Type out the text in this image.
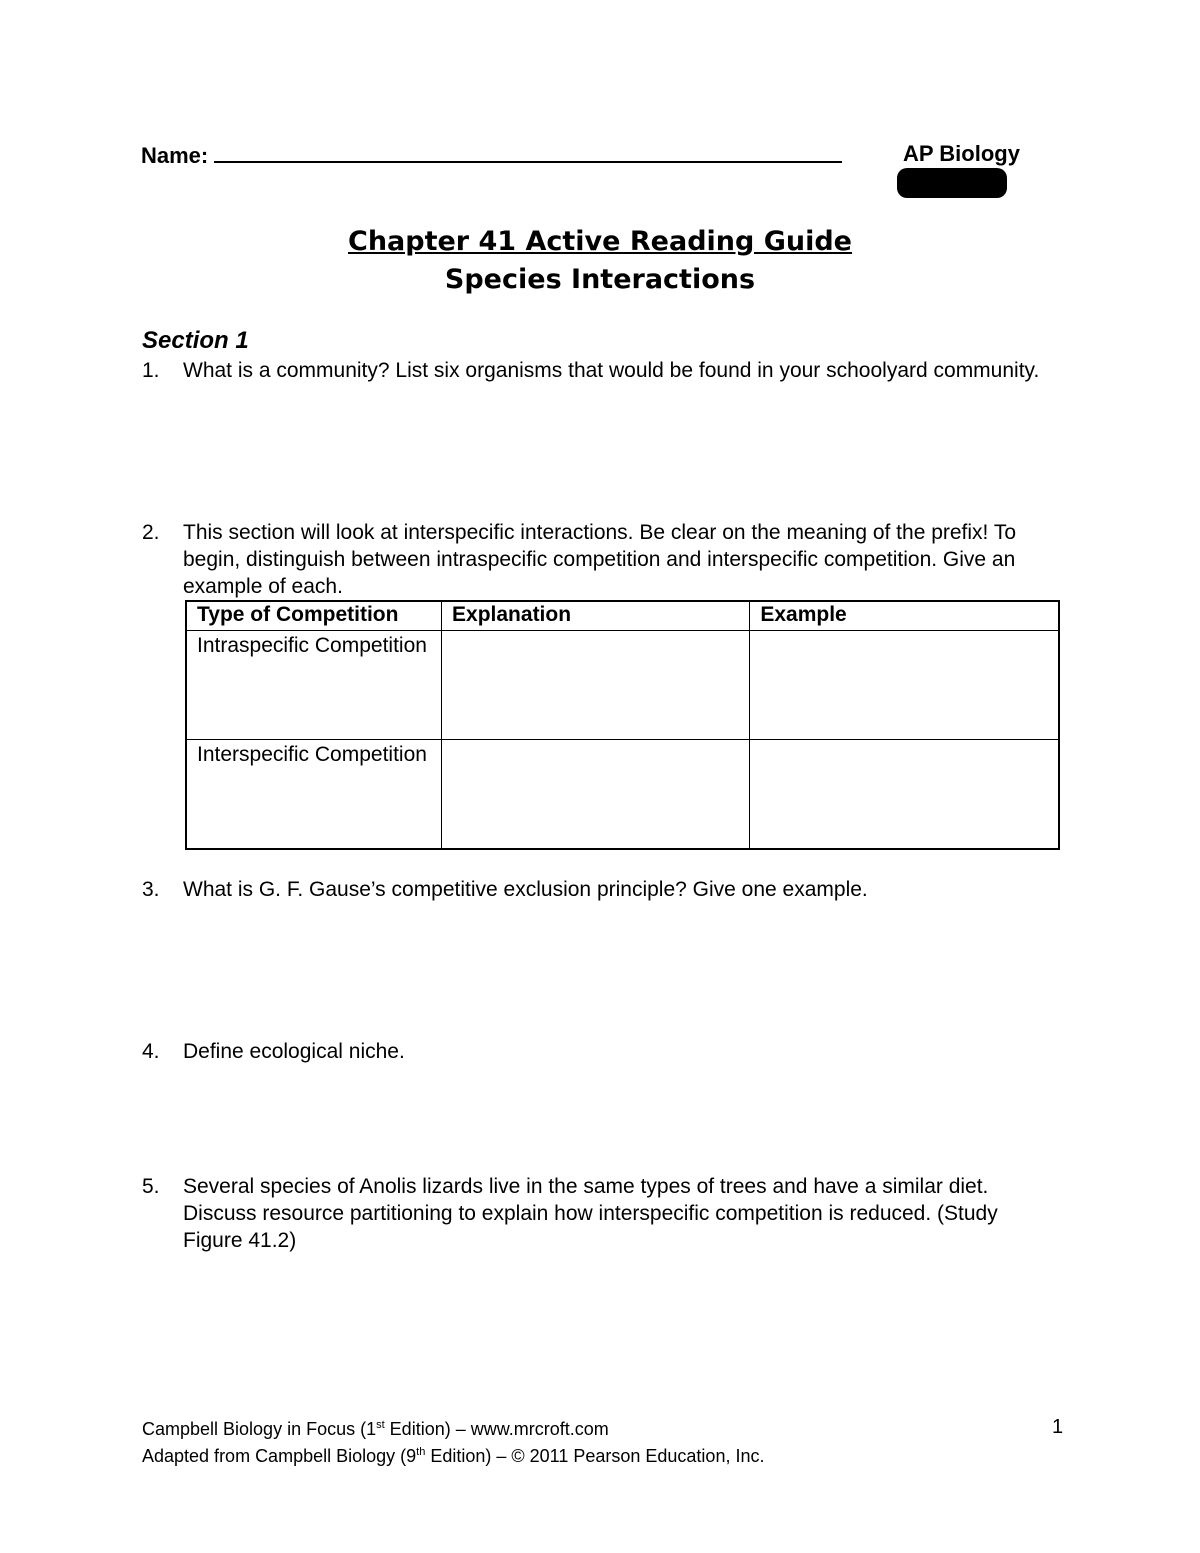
Name:	AP Biology
Chapter 41 Active Reading Guide
Species Interactions
Section 1
1.	What is a community? List six organisms that would be found in your schoolyard community.
2.	This section will look at interspecific interactions. Be clear on the meaning of the prefix! To begin, distinguish between intraspecific competition and interspecific competition. Give an example of each.
Type of Competition	Explanation	Example
Intraspecific Competition		
Interspecific Competition		
3.	What is G. F. Gause’s competitive exclusion principle? Give one example.
4.	Define ecological niche.
5.	Several species of Anolis lizards live in the same types of trees and have a similar diet. Discuss resource partitioning to explain how interspecific competition is reduced. (Study Figure 41.2)
Campbell Biology in Focus (1st Edition) – www.mrcroft.com
Adapted from Campbell Biology (9th Edition) – © 2011 Pearson Education, Inc.
1
